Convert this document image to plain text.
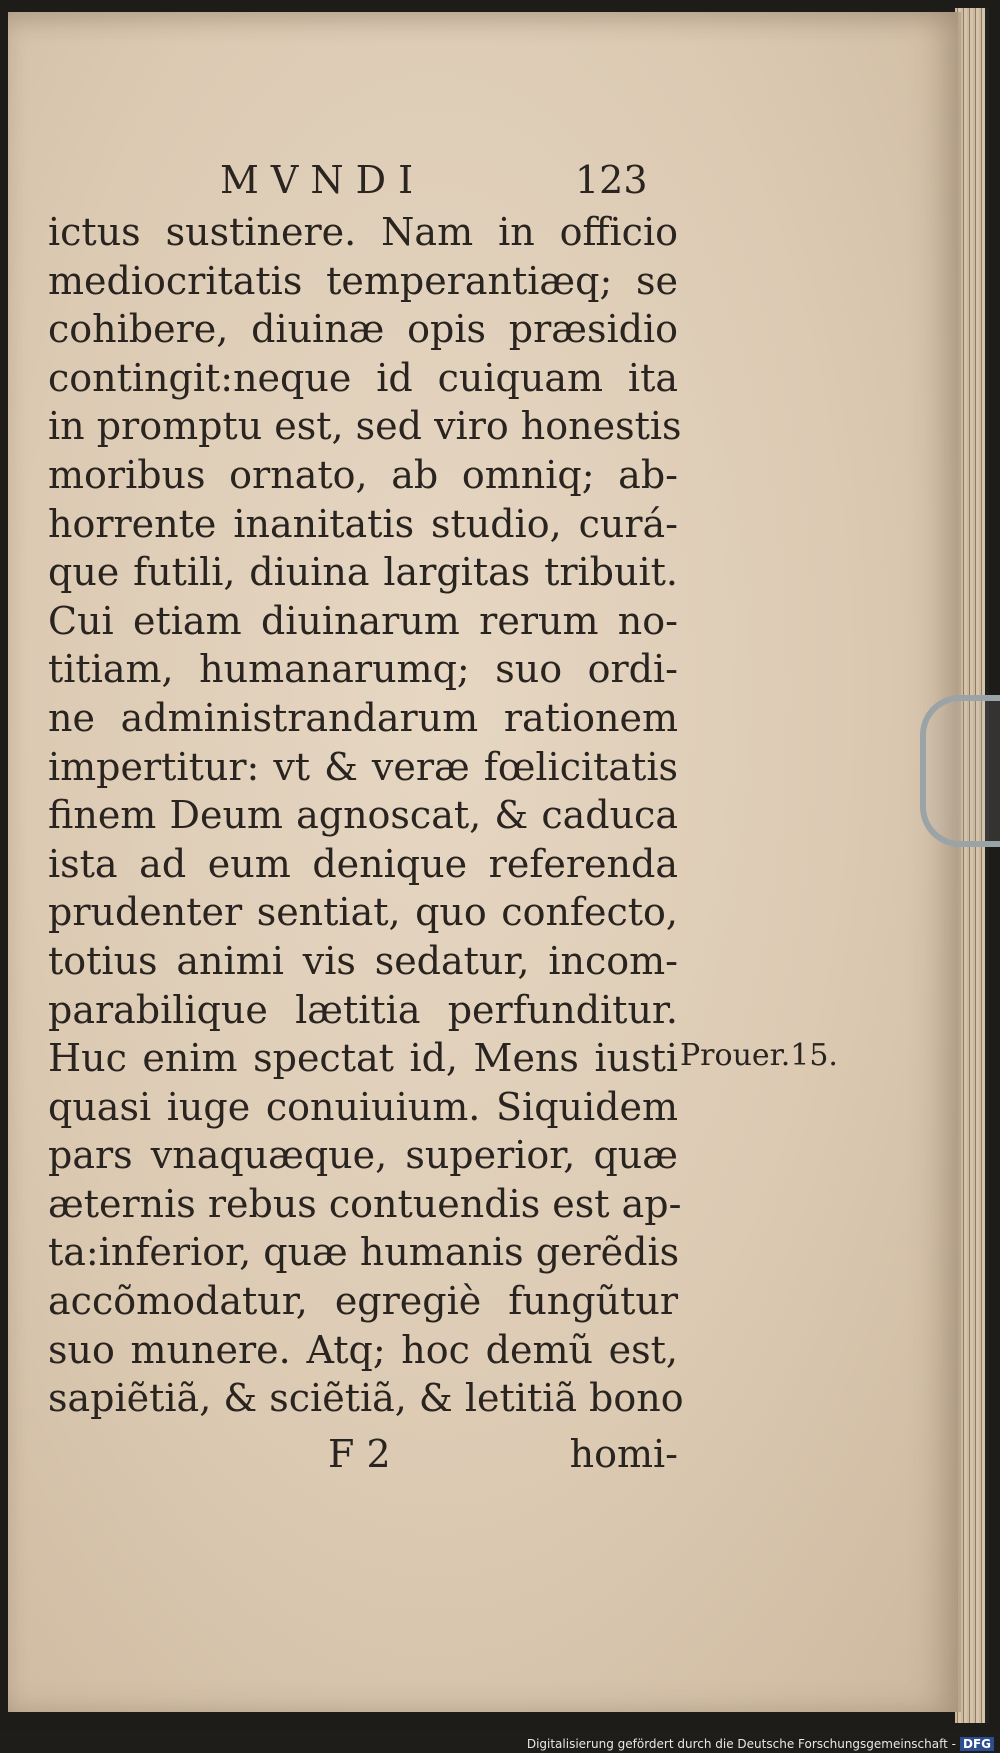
MVNDI	123
ictus sustinere. Nam in officio
mediocritatis temperantiæq; se
cohibere, diuinæ opis præsidio
contingit:neque id cuiquam ita
in promptu est, sed viro honestis
moribus ornato, ab omniq; ab-
horrente inanitatis studio, curá-
que futili, diuina largitas tribuit.
Cui etiam diuinarum rerum no-
titiam, humanarumq; suo ordi-
ne administrandarum rationem
impertitur: vt & veræ fœlicitatis
finem Deum agnoscat, & caduca
ista ad eum denique referenda
prudenter sentiat, quo confecto,
totius animi vis sedatur, incom-
parabilique lætitia perfunditur.
Huc enim spectat id, Mens iusti
quasi iuge conuiuium. Siquidem
pars vnaquæque, superior, quæ
æternis rebus contuendis est ap-
ta:inferior, quæ humanis gerẽdis
accõmodatur, egregiè fungũtur
suo munere. Atq; hoc demũ est,
sapiẽtiã, & sciẽtiã, & letitiã bono
Prouer.15.
F 2	homi-
Digitalisierung gefördert durch die Deutsche Forschungsgemeinschaft - DFG
